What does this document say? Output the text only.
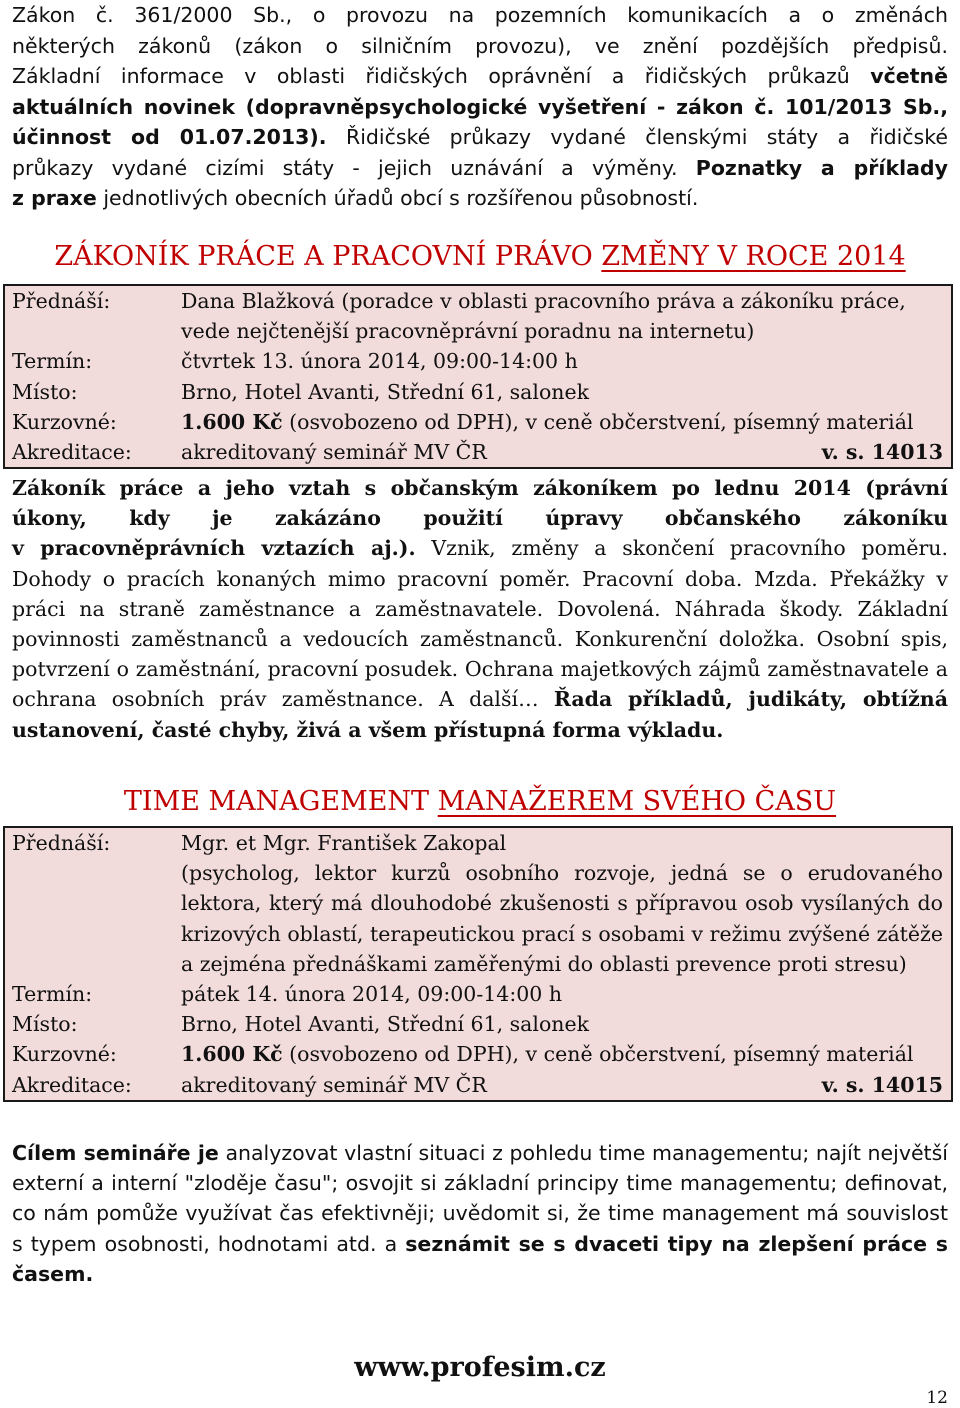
Zákon č. 361/2000 Sb., o provozu na pozemních komunikacích a o změnách

některých zákonů (zákon o silničním provozu), ve znění pozdějších předpisů.

Základní informace v oblasti řidičských oprávnění a řidičských průkazů včetně

aktuálních novinek (dopravněpsychologické vyšetření - zákon č. 101/2013 Sb.,

účinnost od 01.07.2013). Řidičské průkazy vydané členskými státy a řidičské

průkazy vydané cizími státy - jejich uznávání a výměny. Poznatky a příklady

z praxe jednotlivých obecních úřadů obcí s rozšířenou působností.

ZÁKONÍK PRÁCE A PRACOVNÍ PRÁVO ZMĚNY V ROCE 2014
Přednáší:	Dana Blažková (poradce v oblasti pracovního práva a zákoníku práce,
vede nejčtenější pracovněprávní poradnu na internetu)
Termín:	čtvrtek 13. února 2014, 09:00-14:00 h
Místo:	Brno, Hotel Avanti, Střední 61, salonek
Kurzovné:	1.600 Kč (osvobozeno od DPH), v ceně občerstvení, písemný materiál
Akreditace: akreditovaný seminář MV ČR	v. s. 14013
Zákoník práce a jeho vztah s občanským zákoníkem po lednu 2014 (právní
úkony, kdy je zakázáno použití úpravy občanského zákoníku
v pracovněprávních vztazích aj.). Vznik, změny a skončení pracovního poměru.
Dohody o pracích konaných mimo pracovní poměr. Pracovní doba. Mzda. Překážky v práci na straně zaměstnance a zaměstnavatele. Dovolená. Náhrada škody. Základní povinnosti zaměstnanců a vedoucích zaměstnanců. Konkurenční doložka. Osobní spis, potvrzení o zaměstnání, pracovní posudek. Ochrana majetkových zájmů zaměstnavatele a ochrana osobních práv zaměstnance. A další… Řada příkladů, judikáty, obtížná ustanovení, časté chyby, živá a všem přístupná forma výkladu.
TIME MANAGEMENT MANAŽEREM SVÉHO ČASU
Přednáší:	Mgr. et Mgr. František Zakopal
(psycholog, lektor kurzů osobního rozvoje, jedná se o erudovaného lektora, který má dlouhodobé zkušenosti s přípravou osob vysílaných do krizových oblastí, terapeutickou prací s osobami v režimu zvýšené zátěže a zejména přednáškami zaměřenými do oblasti prevence proti stresu)
Termín:	pátek 14. února 2014, 09:00-14:00 h
Místo:	Brno, Hotel Avanti, Střední 61, salonek
Kurzovné:	1.600 Kč (osvobozeno od DPH), v ceně občerstvení, písemný materiál
Akreditace: akreditovaný seminář MV ČR	v. s. 14015
Cílem semináře je analyzovat vlastní situaci z pohledu time managementu; najít největší externí a interní "zloděje času"; osvojit si základní principy time managementu; definovat, co nám pomůže využívat čas efektivněji; uvědomit si, že time management má souvislost s typem osobnosti, hodnotami atd. a seznámit se s dvaceti tipy na zlepšení práce s časem.
www.profesim.cz
12
